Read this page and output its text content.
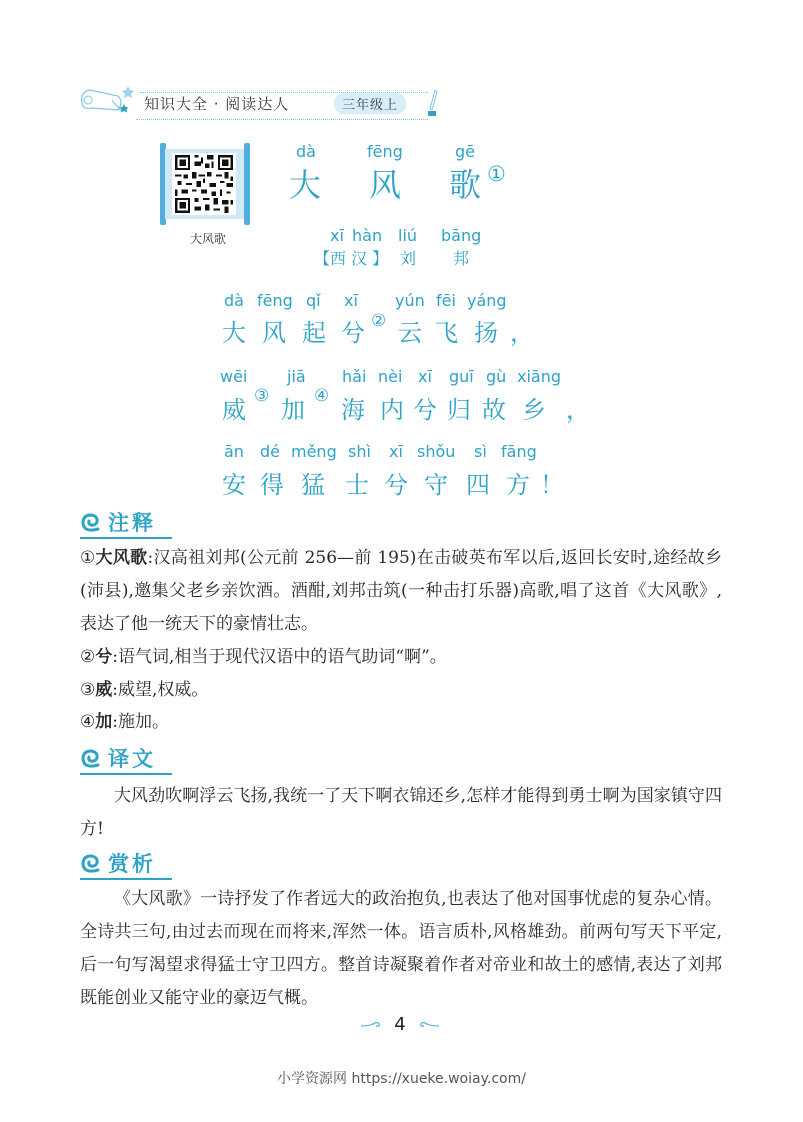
知识大全 · 阅读达人	三年级上
大风歌
dà	fēng	gē
大 风 歌 ①
xī hàn liú bāng
【西 汉 】 刘 邦
dà fēng qǐ xī yún fēi yáng
大 风 起 兮 ② 云 飞 扬 ，
wēi jiā hǎi nèi xī guī gù xiāng
威 ③ 加 ④ 海 内 兮 归 故 乡 ，
ān dé měng shì xī shǒu sì fāng
安 得 猛 士 兮 守 四 方 ！
注释
①大风歌:汉高祖刘邦(公元前 256—前 195)在击破英布军以后,返回长安时,途经故乡(沛县),邀集父老乡亲饮酒。酒酣,刘邦击筑(一种击打乐器)高歌,唱了这首《大风歌》,表达了他一统天下的豪情壮志。
②兮:语气词,相当于现代汉语中的语气助词“啊”。
③威:威望,权威。
④加:施加。
译文
大风劲吹啊浮云飞扬,我统一了天下啊衣锦还乡,怎样才能得到勇士啊为国家镇守四方!
赏析
《大风歌》一诗抒发了作者远大的政治抱负,也表达了他对国事忧虑的复杂心情。全诗共三句,由过去而现在而将来,浑然一体。语言质朴,风格雄劲。前两句写天下平定,后一句写渴望求得猛士守卫四方。整首诗凝聚着作者对帝业和故土的感情,表达了刘邦既能创业又能守业的豪迈气概。
4
小学资源网 https://xueke.woiay.com/
